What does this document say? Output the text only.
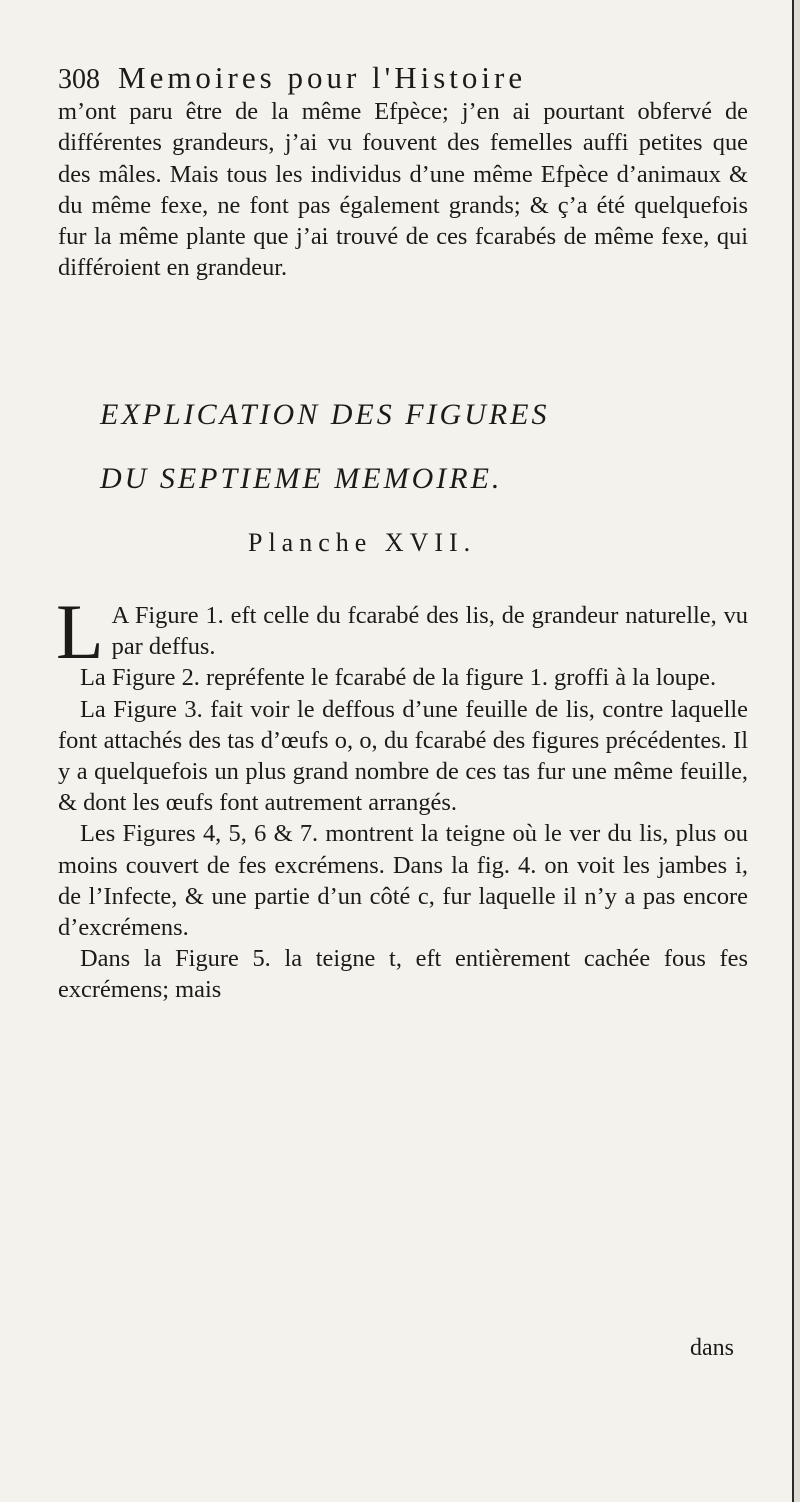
308 Memoires pour l'Histoire

m’ont paru être de la même Efpèce; j’en ai pourtant obfervé de différentes grandeurs, j’ai vu fouvent des femelles auffi petites que des mâles. Mais tous les individus d’une même Efpèce d’animaux & du même fexe, ne font pas également grands; & ç’a été quelquefois fur la même plante que j’ai trouvé de ces fcarabés de même fexe, qui différoient en grandeur.

EXPLICATION DES FIGURES
DU SEPTIEME MEMOIRE.
Planche XVII.

L A Figure 1. eft celle du fcarabé des lis, de grandeur naturelle, vu par deffus.

La Figure 2. repréfente le fcarabé de la figure 1. groffi à la loupe.

La Figure 3. fait voir le deffous d’une feuille de lis, contre laquelle font attachés des tas d’œufs o, o, du fcarabé des figures précédentes. Il y a quelquefois un plus grand nombre de ces tas fur une même feuille, & dont les œufs font autrement arrangés.

Les Figures 4, 5, 6 & 7. montrent la teigne où le ver du lis, plus ou moins couvert de fes excrémens. Dans la fig. 4. on voit les jambes i, de l’Infecte, & une partie d’un côté c, fur laquelle il n’y a pas encore d’excrémens.

Dans la Figure 5. la teigne t, eft entièrement cachée fous fes excrémens; mais

dans
